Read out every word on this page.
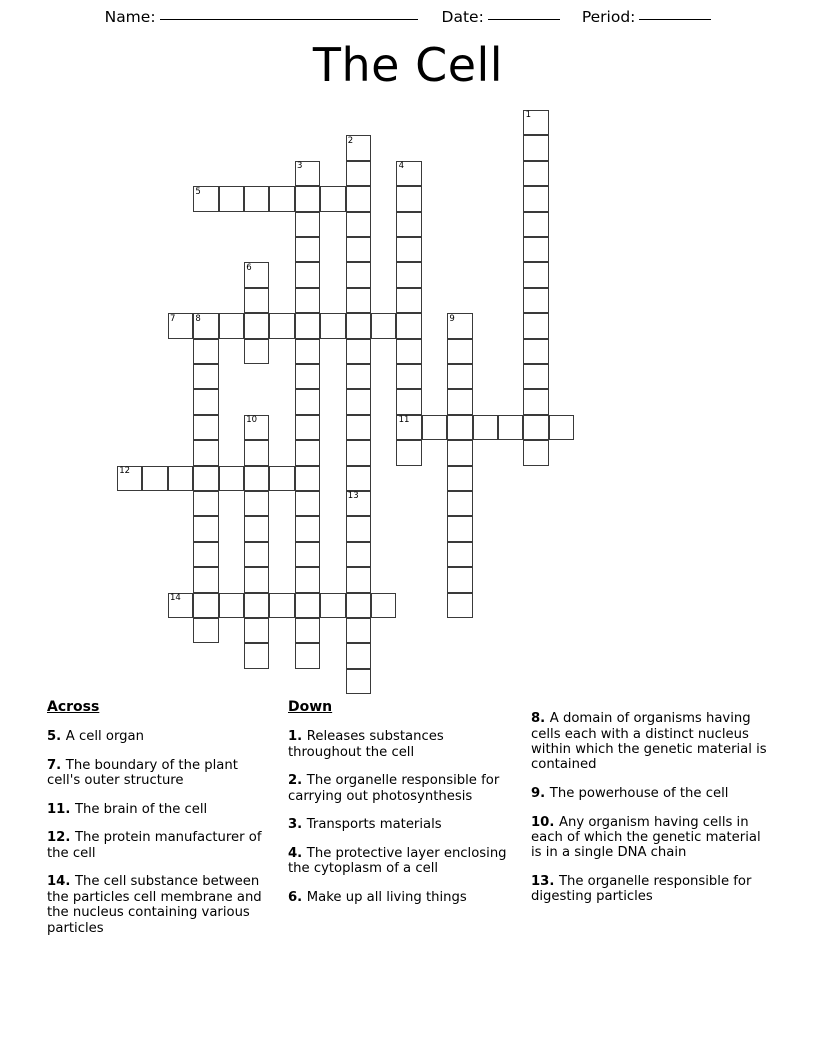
Name:	Date:	Period:
The Cell
1
2
3	4
5
6
7 8	9
10	11
12
13
14
Across

5. A cell organ

7. The boundary of the plant cell's outer structure

11. The brain of the cell

12. The protein manufacturer of the cell

14. The cell substance between the particles cell membrane and the nucleus containing various particles

Down

1. Releases substances throughout the cell

2. The organelle responsible for carrying out photosynthesis

3. Transports materials

4. The protective layer enclosing the cytoplasm of a cell

6. Make up all living things

8. A domain of organisms having cells each with a distinct nucleus within which the genetic material is contained

9. The powerhouse of the cell

10. Any organism having cells in each of which the genetic material is in a single DNA chain

13. The organelle responsible for digesting particles
